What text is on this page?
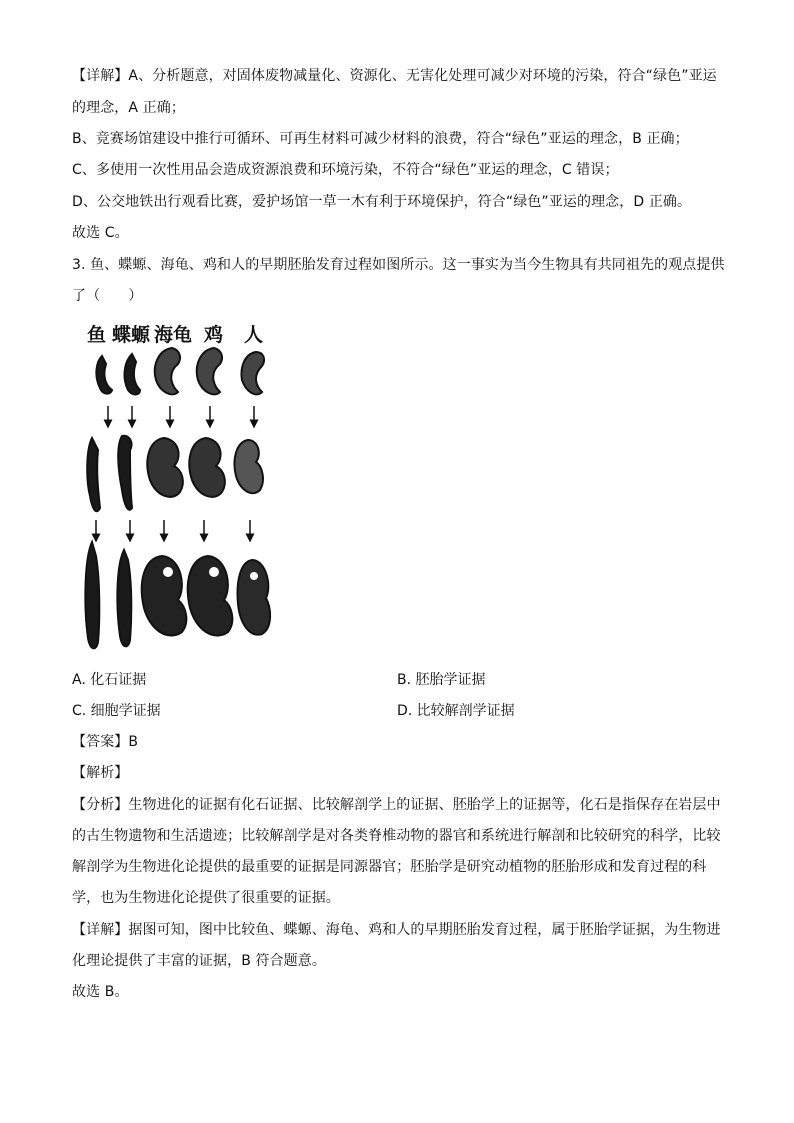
【详解】A、分析题意，对固体废物减量化、资源化、无害化处理可减少对环境的污染，符合“绿色”亚运
的理念，A 正确；
B、竞赛场馆建设中推行可循环、可再生材料可减少材料的浪费，符合“绿色”亚运的理念，B 正确；
C、多使用一次性用品会造成资源浪费和环境污染，不符合“绿色”亚运的理念，C 错误；
D、公交地铁出行观看比赛，爱护场馆一草一木有利于环境保护，符合“绿色”亚运的理念，D 正确。
故选 C。
3. 鱼、蝶螈、海龟、鸡和人的早期胚胎发育过程如图所示。这一事实为当今生物具有共同祖先的观点提供
了（　　）
鱼 蝶螈 海龟 鸡 人
A. 化石证据	B. 胚胎学证据
C. 细胞学证据	D. 比较解剖学证据
【答案】B
【解析】
【分析】生物进化的证据有化石证据、比较解剖学上的证据、胚胎学上的证据等，化石是指保存在岩层中
的古生物遗物和生活遗迹；比较解剖学是对各类脊椎动物的器官和系统进行解剖和比较研究的科学，比较
解剖学为生物进化论提供的最重要的证据是同源器官；胚胎学是研究动植物的胚胎形成和发育过程的科
学，也为生物进化论提供了很重要的证据。
【详解】据图可知，图中比较鱼、蝶螈、海龟、鸡和人的早期胚胎发育过程，属于胚胎学证据，为生物进
化理论提供了丰富的证据，B 符合题意。
故选 B。
